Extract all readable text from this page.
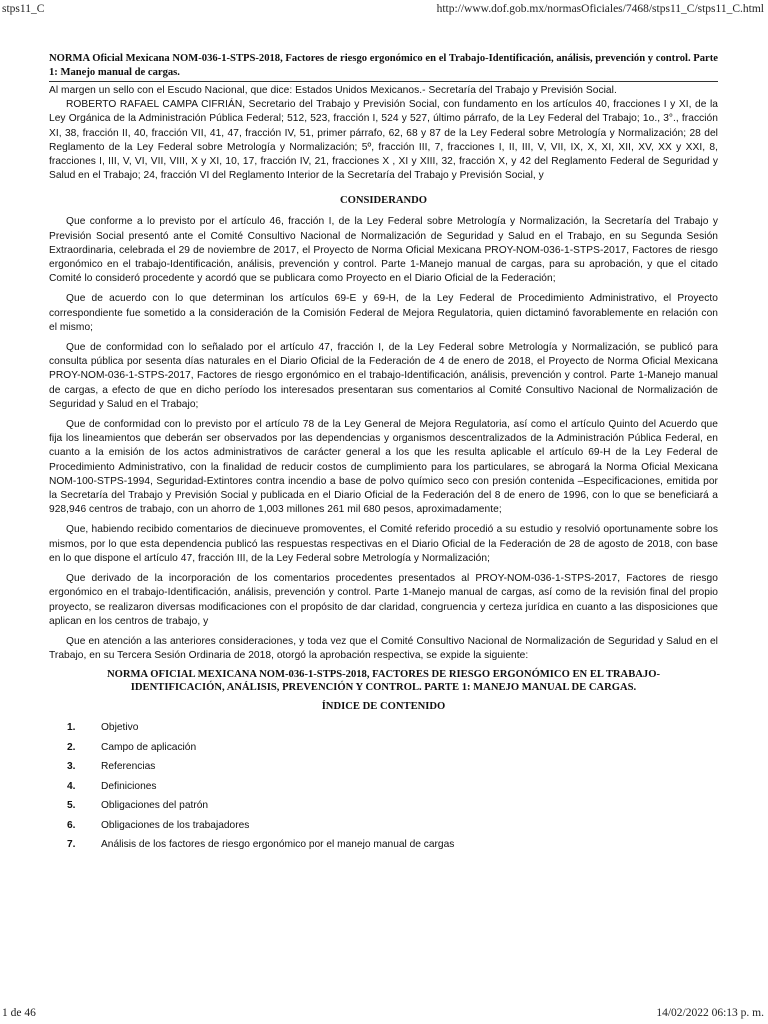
stps11_C	http://www.dof.gob.mx/normasOficiales/7468/stps11_C/stps11_C.html
NORMA Oficial Mexicana NOM-036-1-STPS-2018, Factores de riesgo ergonómico en el Trabajo-Identificación, análisis, prevención y control. Parte 1: Manejo manual de cargas.

Al margen un sello con el Escudo Nacional, que dice: Estados Unidos Mexicanos.- Secretaría del Trabajo y Previsión Social.

ROBERTO RAFAEL CAMPA CIFRIÁN, Secretario del Trabajo y Previsión Social, con fundamento en los artículos 40, fracciones I y XI, de la Ley Orgánica de la Administración Pública Federal; 512, 523, fracción I, 524 y 527, último párrafo, de la Ley Federal del Trabajo; 1o., 3°., fracción XI, 38, fracción II, 40, fracción VII, 41, 47, fracción IV, 51, primer párrafo, 62, 68 y 87 de la Ley Federal sobre Metrología y Normalización; 28 del Reglamento de la Ley Federal sobre Metrología y Normalización; 5º, fracción III, 7, fracciones I, II, III, V, VII, IX, X, XI, XII, XV, XX y XXI, 8, fracciones I, III, V, VI, VII, VIII, X y XI, 10, 17, fracción IV, 21, fracciones X , XI y XIII, 32, fracción X, y 42 del Reglamento Federal de Seguridad y Salud en el Trabajo; 24, fracción VI del Reglamento Interior de la Secretaría del Trabajo y Previsión Social, y

CONSIDERANDO

Que conforme a lo previsto por el artículo 46, fracción I, de la Ley Federal sobre Metrología y Normalización, la Secretaría del Trabajo y Previsión Social presentó ante el Comité Consultivo Nacional de Normalización de Seguridad y Salud en el Trabajo, en su Segunda Sesión Extraordinaria, celebrada el 29 de noviembre de 2017, el Proyecto de Norma Oficial Mexicana PROY-NOM-036-1-STPS-2017, Factores de riesgo ergonómico en el trabajo-Identificación, análisis, prevención y control. Parte 1-Manejo manual de cargas, para su aprobación, y que el citado Comité lo consideró procedente y acordó que se publicara como Proyecto en el Diario Oficial de la Federación;

Que de acuerdo con lo que determinan los artículos 69-E y 69-H, de la Ley Federal de Procedimiento Administrativo, el Proyecto correspondiente fue sometido a la consideración de la Comisión Federal de Mejora Regulatoria, quien dictaminó favorablemente en relación con el mismo;

Que de conformidad con lo señalado por el artículo 47, fracción I, de la Ley Federal sobre Metrología y Normalización, se publicó para consulta pública por sesenta días naturales en el Diario Oficial de la Federación de 4 de enero de 2018, el Proyecto de Norma Oficial Mexicana PROY-NOM-036-1-STPS-2017, Factores de riesgo ergonómico en el trabajo-Identificación, análisis, prevención y control. Parte 1-Manejo manual de cargas, a efecto de que en dicho período los interesados presentaran sus comentarios al Comité Consultivo Nacional de Normalización de Seguridad y Salud en el Trabajo;

Que de conformidad con lo previsto por el artículo 78 de la Ley General de Mejora Regulatoria, así como el artículo Quinto del Acuerdo que fija los lineamientos que deberán ser observados por las dependencias y organismos descentralizados de la Administración Pública Federal, en cuanto a la emisión de los actos administrativos de carácter general a los que les resulta aplicable el artículo 69-H de la Ley Federal de Procedimiento Administrativo, con la finalidad de reducir costos de cumplimiento para los particulares, se abrogará la Norma Oficial Mexicana NOM-100-STPS-1994, Seguridad-Extintores contra incendio a base de polvo químico seco con presión contenida –Especificaciones, emitida por la Secretaría del Trabajo y Previsión Social y publicada en el Diario Oficial de la Federación del 8 de enero de 1996, con lo que se beneficiará a 928,946 centros de trabajo, con un ahorro de 1,003 millones 261 mil 680 pesos, aproximadamente;

Que, habiendo recibido comentarios de diecinueve promoventes, el Comité referido procedió a su estudio y resolvió oportunamente sobre los mismos, por lo que esta dependencia publicó las respuestas respectivas en el Diario Oficial de la Federación de 28 de agosto de 2018, con base en lo que dispone el artículo 47, fracción III, de la Ley Federal sobre Metrología y Normalización;

Que derivado de la incorporación de los comentarios procedentes presentados al PROY-NOM-036-1-STPS-2017, Factores de riesgo ergonómico en el trabajo-Identificación, análisis, prevención y control. Parte 1-Manejo manual de cargas, así como de la revisión final del propio proyecto, se realizaron diversas modificaciones con el propósito de dar claridad, congruencia y certeza jurídica en cuanto a las disposiciones que aplican en los centros de trabajo, y

Que en atención a las anteriores consideraciones, y toda vez que el Comité Consultivo Nacional de Normalización de Seguridad y Salud en el Trabajo, en su Tercera Sesión Ordinaria de 2018, otorgó la aprobación respectiva, se expide la siguiente:

NORMA OFICIAL MEXICANA NOM-036-1-STPS-2018, FACTORES DE RIESGO ERGONÓMICO EN EL TRABAJO-IDENTIFICACIÓN, ANÁLISIS, PREVENCIÓN Y CONTROL. PARTE 1: MANEJO MANUAL DE CARGAS.
ÍNDICE DE CONTENIDO
1.	Objetivo
2.	Campo de aplicación
3.	Referencias
4.	Definiciones
5.	Obligaciones del patrón
6.	Obligaciones de los trabajadores
7.	Análisis de los factores de riesgo ergonómico por el manejo manual de cargas
1 de 46	14/02/2022 06:13 p. m.
